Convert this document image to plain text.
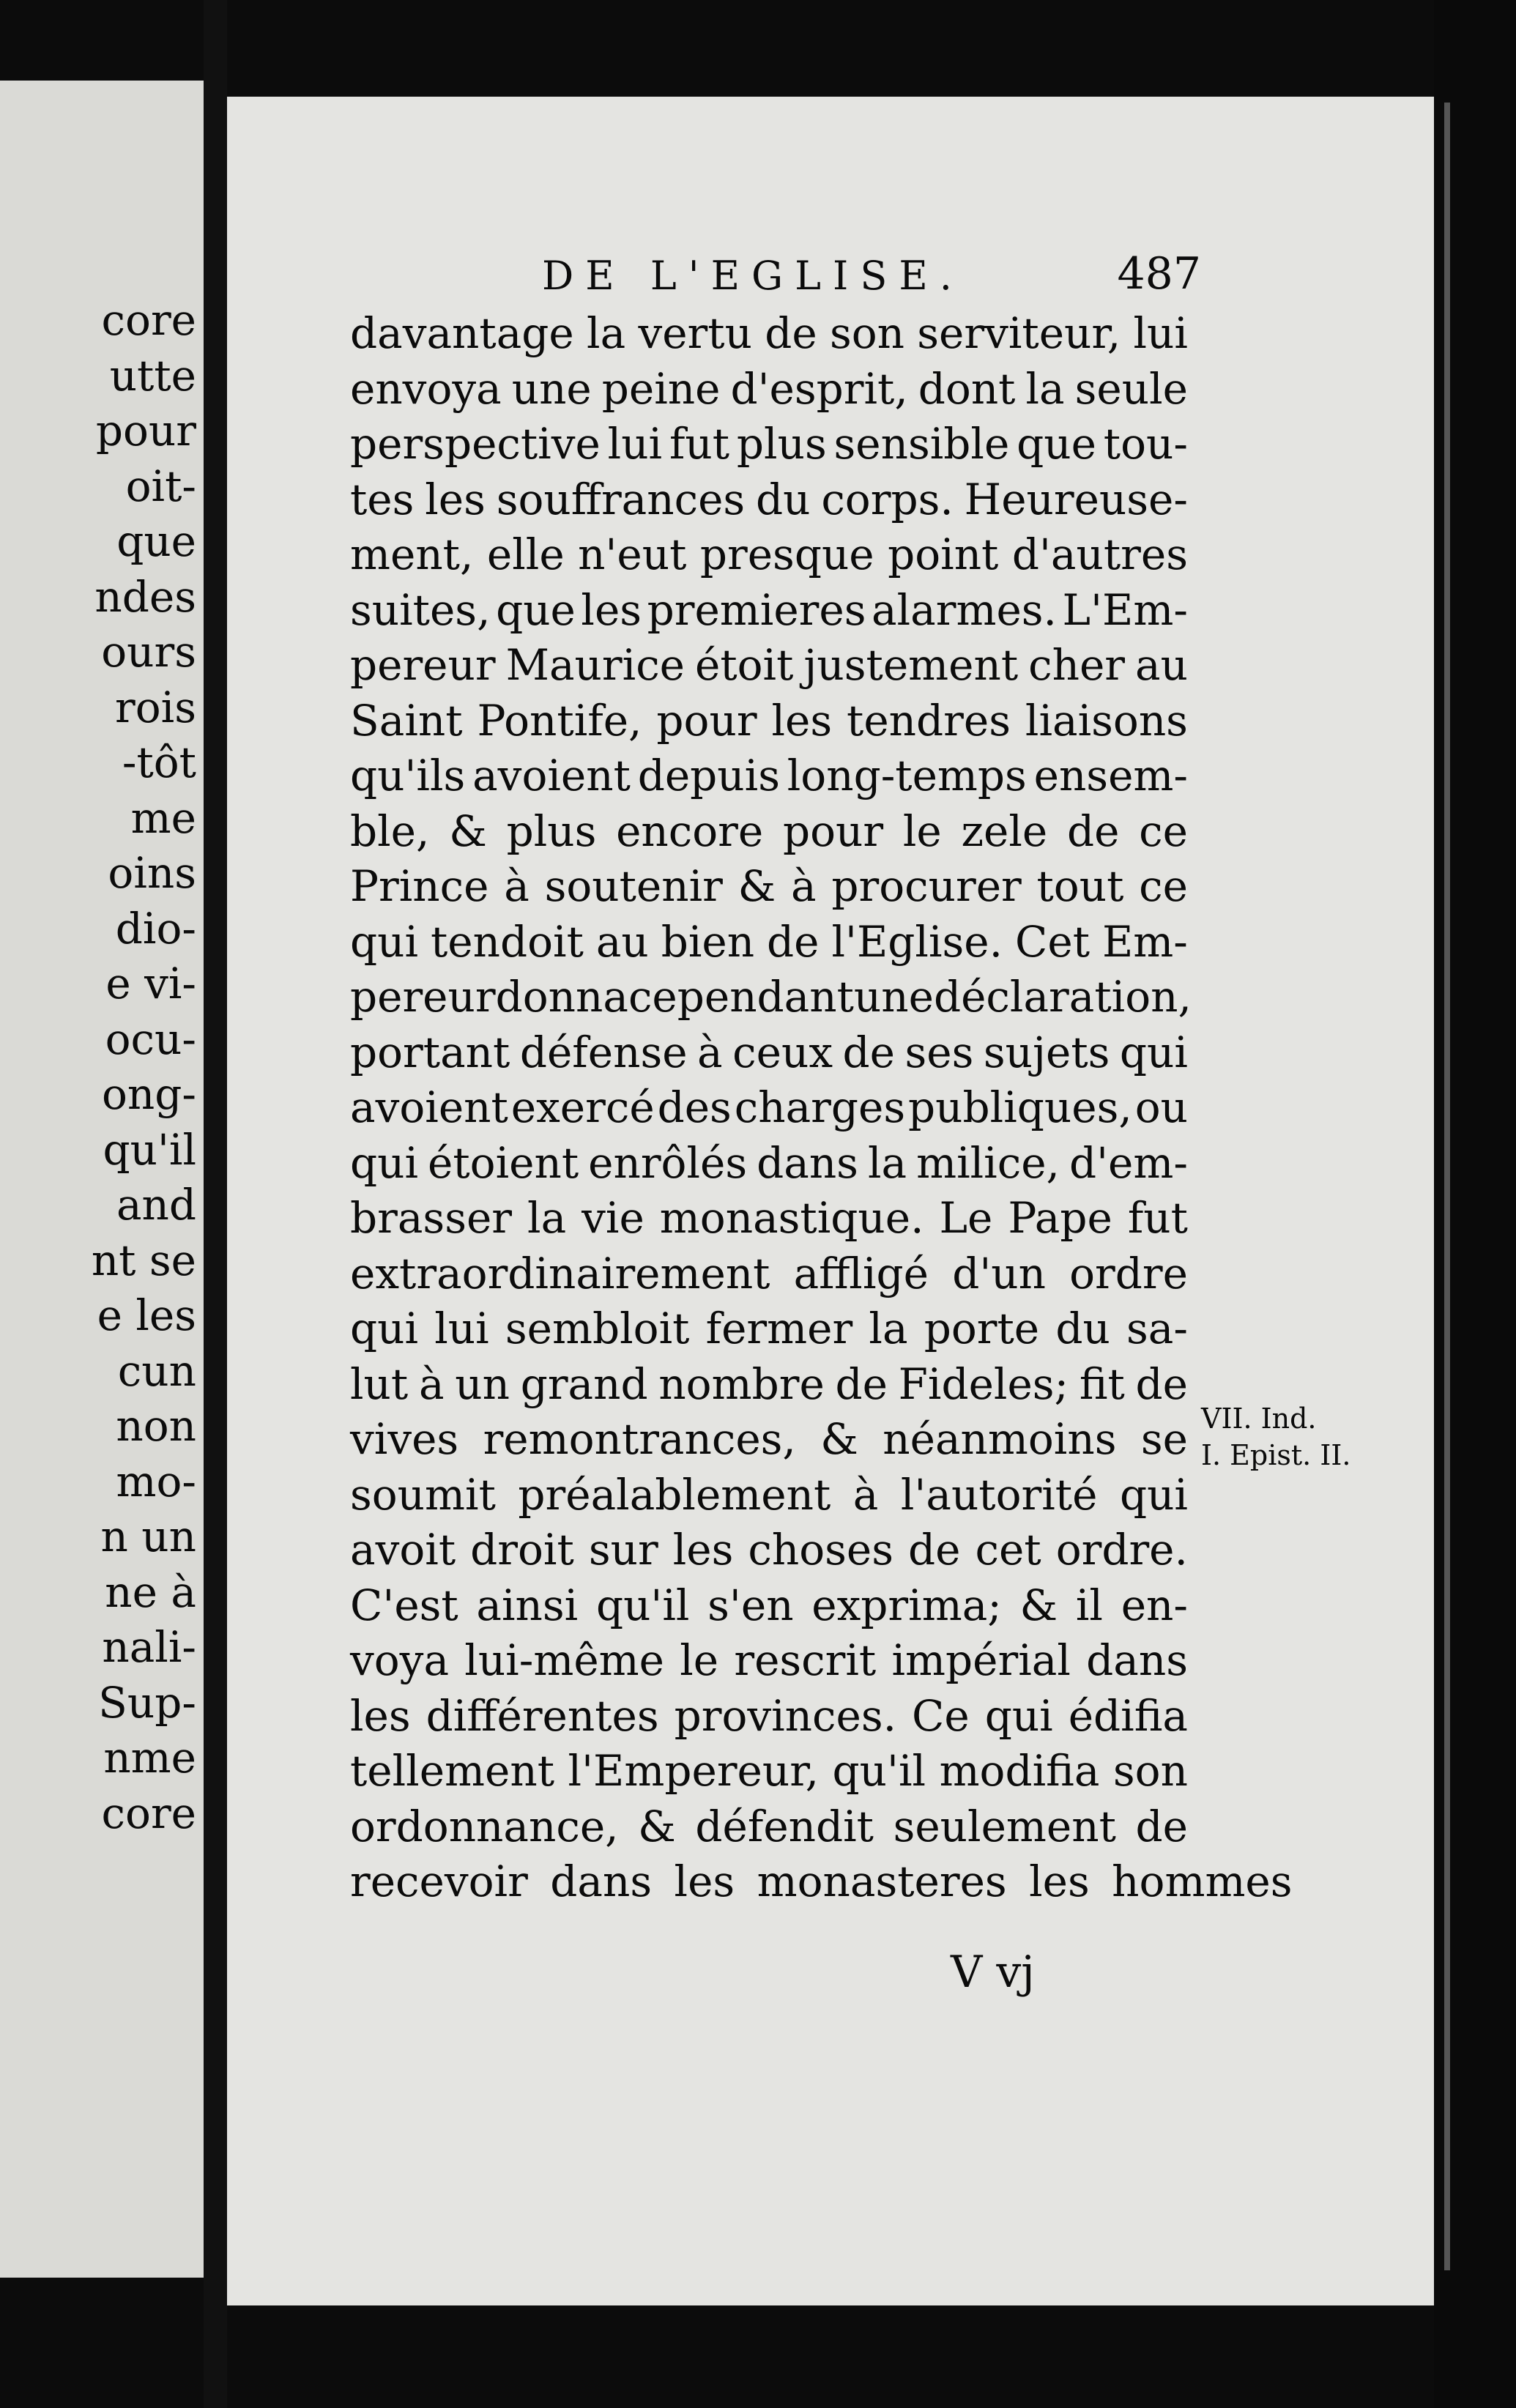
core
utte
pour
oit-
que
ndes
ours
rois
-tôt
me
oins
dio-
e vi-
ocu-
ong-
qu'il
and
nt se
e les
cun
non
mo-
n un
ne à
nali-
Sup-
nme
core
DE L'EGLISE.	487
davantage la vertu de son serviteur, lui
envoya une peine d'esprit, dont la seule
perspective lui fut plus sensible que tou-
tes les souffrances du corps. Heureuse-
ment, elle n'eut presque point d'autres
suites, que les premieres alarmes. L'Em-
pereur Maurice étoit justement cher au
Saint Pontife, pour les tendres liaisons
qu'ils avoient depuis long-temps ensem-
ble, & plus encore pour le zele de ce
Prince à soutenir & à procurer tout ce
qui tendoit au bien de l'Eglise. Cet Em-
pereur donna cependant une déclaration,
portant défense à ceux de ses sujets qui
avoient exercé des charges publiques, ou
qui étoient enrôlés dans la milice, d'em-
brasser la vie monastique. Le Pape fut
extraordinairement affligé d'un ordre
qui lui sembloit fermer la porte du sa-
lut à un grand nombre de Fideles; fit de
vives remontrances, & néanmoins se
soumit préalablement à l'autorité qui
avoit droit sur les choses de cet ordre.
C'est ainsi qu'il s'en exprima; & il en-
voya lui-même le rescrit impérial dans
les différentes provinces. Ce qui édifia
tellement l'Empereur, qu'il modifia son
ordonnance, & défendit seulement de
recevoir dans les monasteres les hommes
VII. Ind.
I. Epist. II.
V vj
